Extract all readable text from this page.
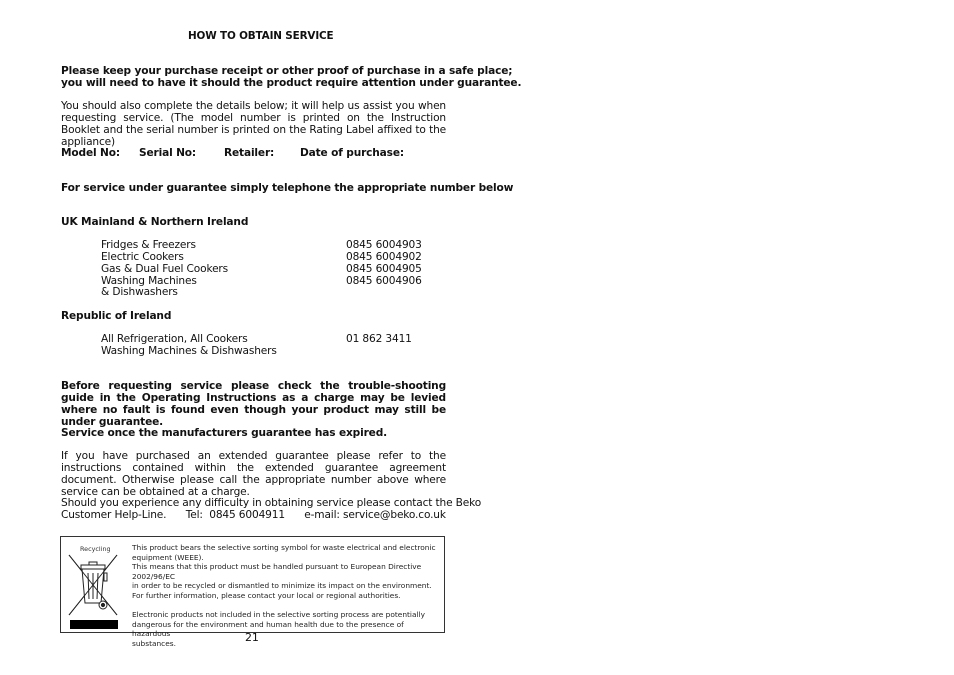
HOW TO OBTAIN SERVICE
Please keep your purchase receipt or other proof of purchase in a safe place;
you will need to have it should the product require attention under guarantee.
You should also complete the details below; it will help us assist you when requesting service. (The model number is printed on the Instruction Booklet and the serial number is printed on the Rating Label affixed to the appliance)
Model No: Serial No:	Retailer: Date of purchase:
For service under guarantee simply telephone the appropriate number below
UK Mainland & Northern Ireland
Fridges & Freezers	0845 6004903
Electric Cookers	0845 6004902
Gas & Dual Fuel Cookers	0845 6004905
Washing Machines	0845 6004906
& Dishwashers
Republic of Ireland
All Refrigeration, All Cookers	01 862 3411
Washing Machines & Dishwashers
Before requesting service please check the trouble-shooting guide in the Operating Instructions as a charge may be levied where no fault is found even though your product may still be under guarantee.
Service once the manufacturers guarantee has expired.
If you have purchased an extended guarantee please refer to the instructions contained within the extended guarantee agreement document. Otherwise please call the appropriate number above where service can be obtained at a charge.
Should you experience any difficulty in obtaining service please contact the Beko
Customer Help-Line.      Tel:  0845 6004911      e-mail: service@beko.co.uk
Recycling	This product bears the selective sorting symbol for waste electrical and electronic

equipment (WEEE).

This means that this product must be handled pursuant to European Directive 2002/96/EC

in order to be recycled or dismantled to minimize its impact on the environment.

For further information, please contact your local or regional authorities.

Electronic products not included in the selective sorting process are potentially

dangerous for the environment and human health due to the presence of hazardous

substances.	21
